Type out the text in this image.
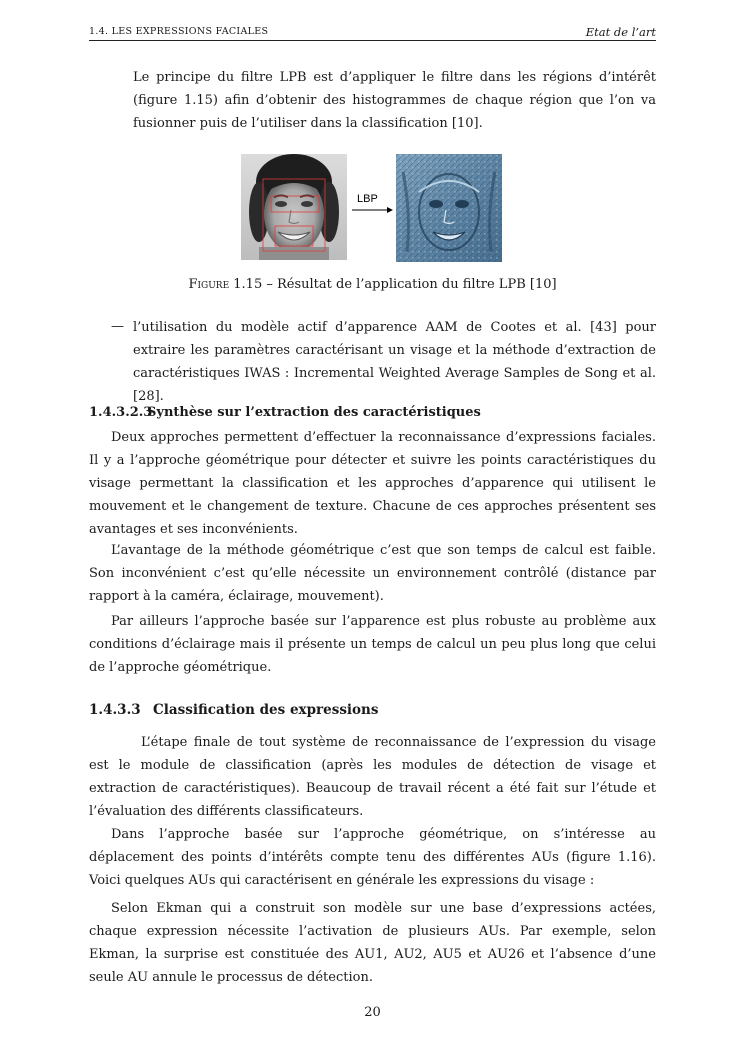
1.4. LES EXPRESSIONS FACIALES	Etat de l’art

Le principe du filtre LPB est d’appliquer le filtre dans les régions d’intérêt (figure 1.15) afin d’obtenir des histogrammes de chaque région que l’on va fusionner puis de l’utiliser dans la classification [10].

LBP
Figure 1.15 – Résultat de l’application du filtre LPB [10]
— l’utilisation du modèle actif d’apparence AAM de Cootes et al. [43] pour extraire les paramètres caractérisant un visage et la méthode d’extraction de caractéristiques IWAS : Incremental Weighted Average Samples de Song et al. [28].

1.4.3.2.3Synthèse sur l’extraction des caractéristiques

Deux approches permettent d’effectuer la reconnaissance d’expressions faciales. Il y a l’approche géométrique pour détecter et suivre les points caractéristiques du visage permettant la classification et les approches d’apparence qui utilisent le mouvement et le changement de texture. Chacune de ces approches présentent ses avantages et ses inconvénients.

L’avantage de la méthode géométrique c’est que son temps de calcul est faible. Son inconvénient c’est qu’elle nécessite un environnement contrôlé (distance par rapport à la caméra, éclairage, mouvement).

Par ailleurs l’approche basée sur l’apparence est plus robuste au problème aux conditions d’éclairage mais il présente un temps de calcul un peu plus long que celui de l’approche géométrique.

1.4.3.3 Classification des expressions

L’étape finale de tout système de reconnaissance de l’expression du visage est le module de classification (après les modules de détection de visage et extraction de caractéristiques). Beaucoup de travail récent a été fait sur l’étude et l’évaluation des différents classificateurs.

Dans l’approche basée sur l’approche géométrique, on s’intéresse au déplacement des points d’intérêts compte tenu des différentes AUs (figure 1.16). Voici quelques AUs qui caractérisent en générale les expressions du visage :

Selon Ekman qui a construit son modèle sur une base d’expressions actées, chaque expression nécessite l’activation de plusieurs AUs. Par exemple, selon Ekman, la surprise est constituée des AU1, AU2, AU5 et AU26 et l’absence d’une seule AU annule le processus de détection.

20
